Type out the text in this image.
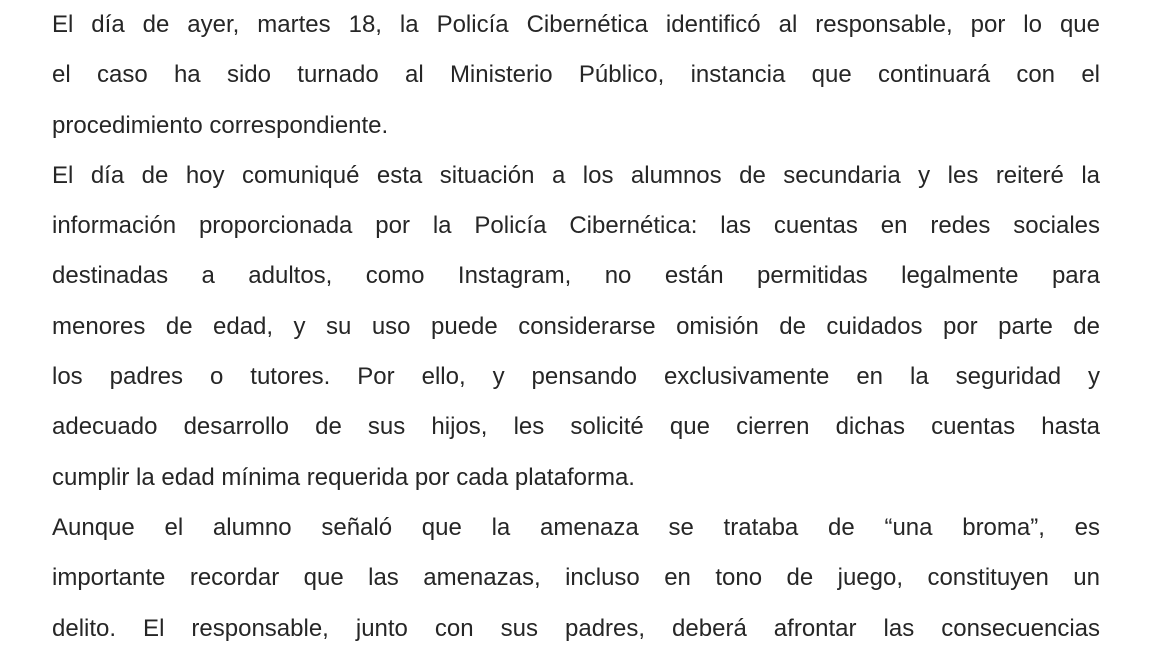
El día de ayer, martes 18, la Policía Cibernética identificó al responsable, por lo que
el caso ha sido turnado al Ministerio Público, instancia que continuará con el
procedimiento correspondiente.
El día de hoy comuniqué esta situación a los alumnos de secundaria y les reiteré la
información proporcionada por la Policía Cibernética: las cuentas en redes sociales
destinadas a adultos, como Instagram, no están permitidas legalmente para
menores de edad, y su uso puede considerarse omisión de cuidados por parte de
los padres o tutores. Por ello, y pensando exclusivamente en la seguridad y
adecuado desarrollo de sus hijos, les solicité que cierren dichas cuentas hasta
cumplir la edad mínima requerida por cada plataforma.
Aunque el alumno señaló que la amenaza se trataba de “una broma”, es
importante recordar que las amenazas, incluso en tono de juego, constituyen un
delito. El responsable, junto con sus padres, deberá afrontar las consecuencias
